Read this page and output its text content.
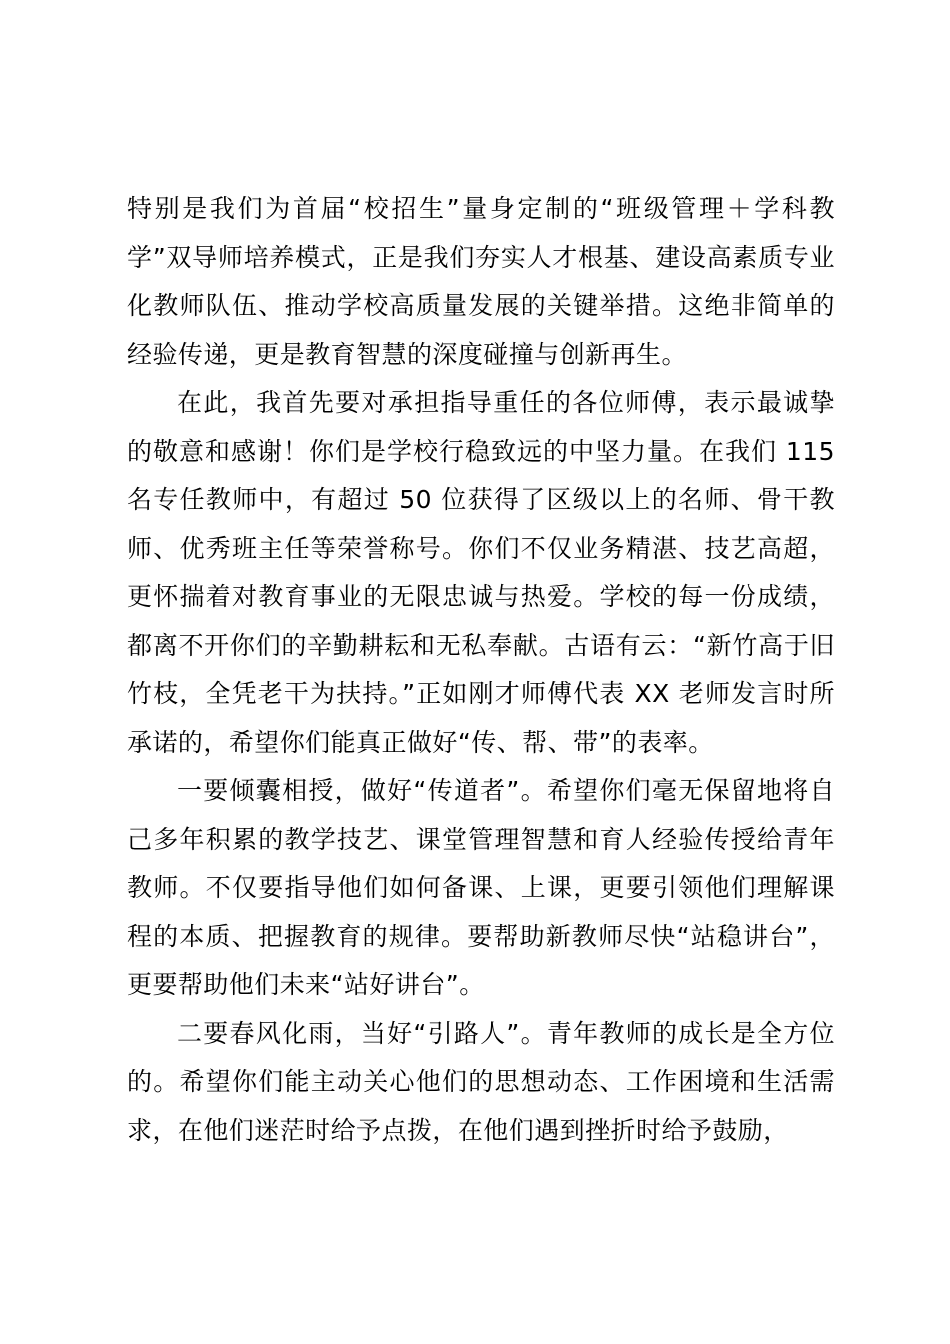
特别是我们为首届“校招生”量身定制的“班级管理＋学科教学”双导师培养模式，正是我们夯实人才根基、建设高素质专业化教师队伍、推动学校高质量发展的关键举措。这绝非简单的经验传递，更是教育智慧的深度碰撞与创新再生。

在此，我首先要对承担指导重任的各位师傅，表示最诚挚的敬意和感谢！你们是学校行稳致远的中坚力量。在我们 115名专任教师中，有超过 50 位获得了区级以上的名师、骨干教师、优秀班主任等荣誉称号。你们不仅业务精湛、技艺高超，更怀揣着对教育事业的无限忠诚与热爱。学校的每一份成绩，都离不开你们的辛勤耕耘和无私奉献。古语有云：“新竹高于旧竹枝，全凭老干为扶持。”正如刚才师傅代表 XX 老师发言时所承诺的，希望你们能真正做好“传、帮、带”的表率。

一要倾囊相授，做好“传道者”。希望你们毫无保留地将自己多年积累的教学技艺、课堂管理智慧和育人经验传授给青年教师。不仅要指导他们如何备课、上课，更要引领他们理解课程的本质、把握教育的规律。要帮助新教师尽快“站稳讲台”，更要帮助他们未来“站好讲台”。

二要春风化雨，当好“引路人”。青年教师的成长是全方位的。希望你们能主动关心他们的思想动态、工作困境和生活需求，在他们迷茫时给予点拨，在他们遇到挫折时给予鼓励，
